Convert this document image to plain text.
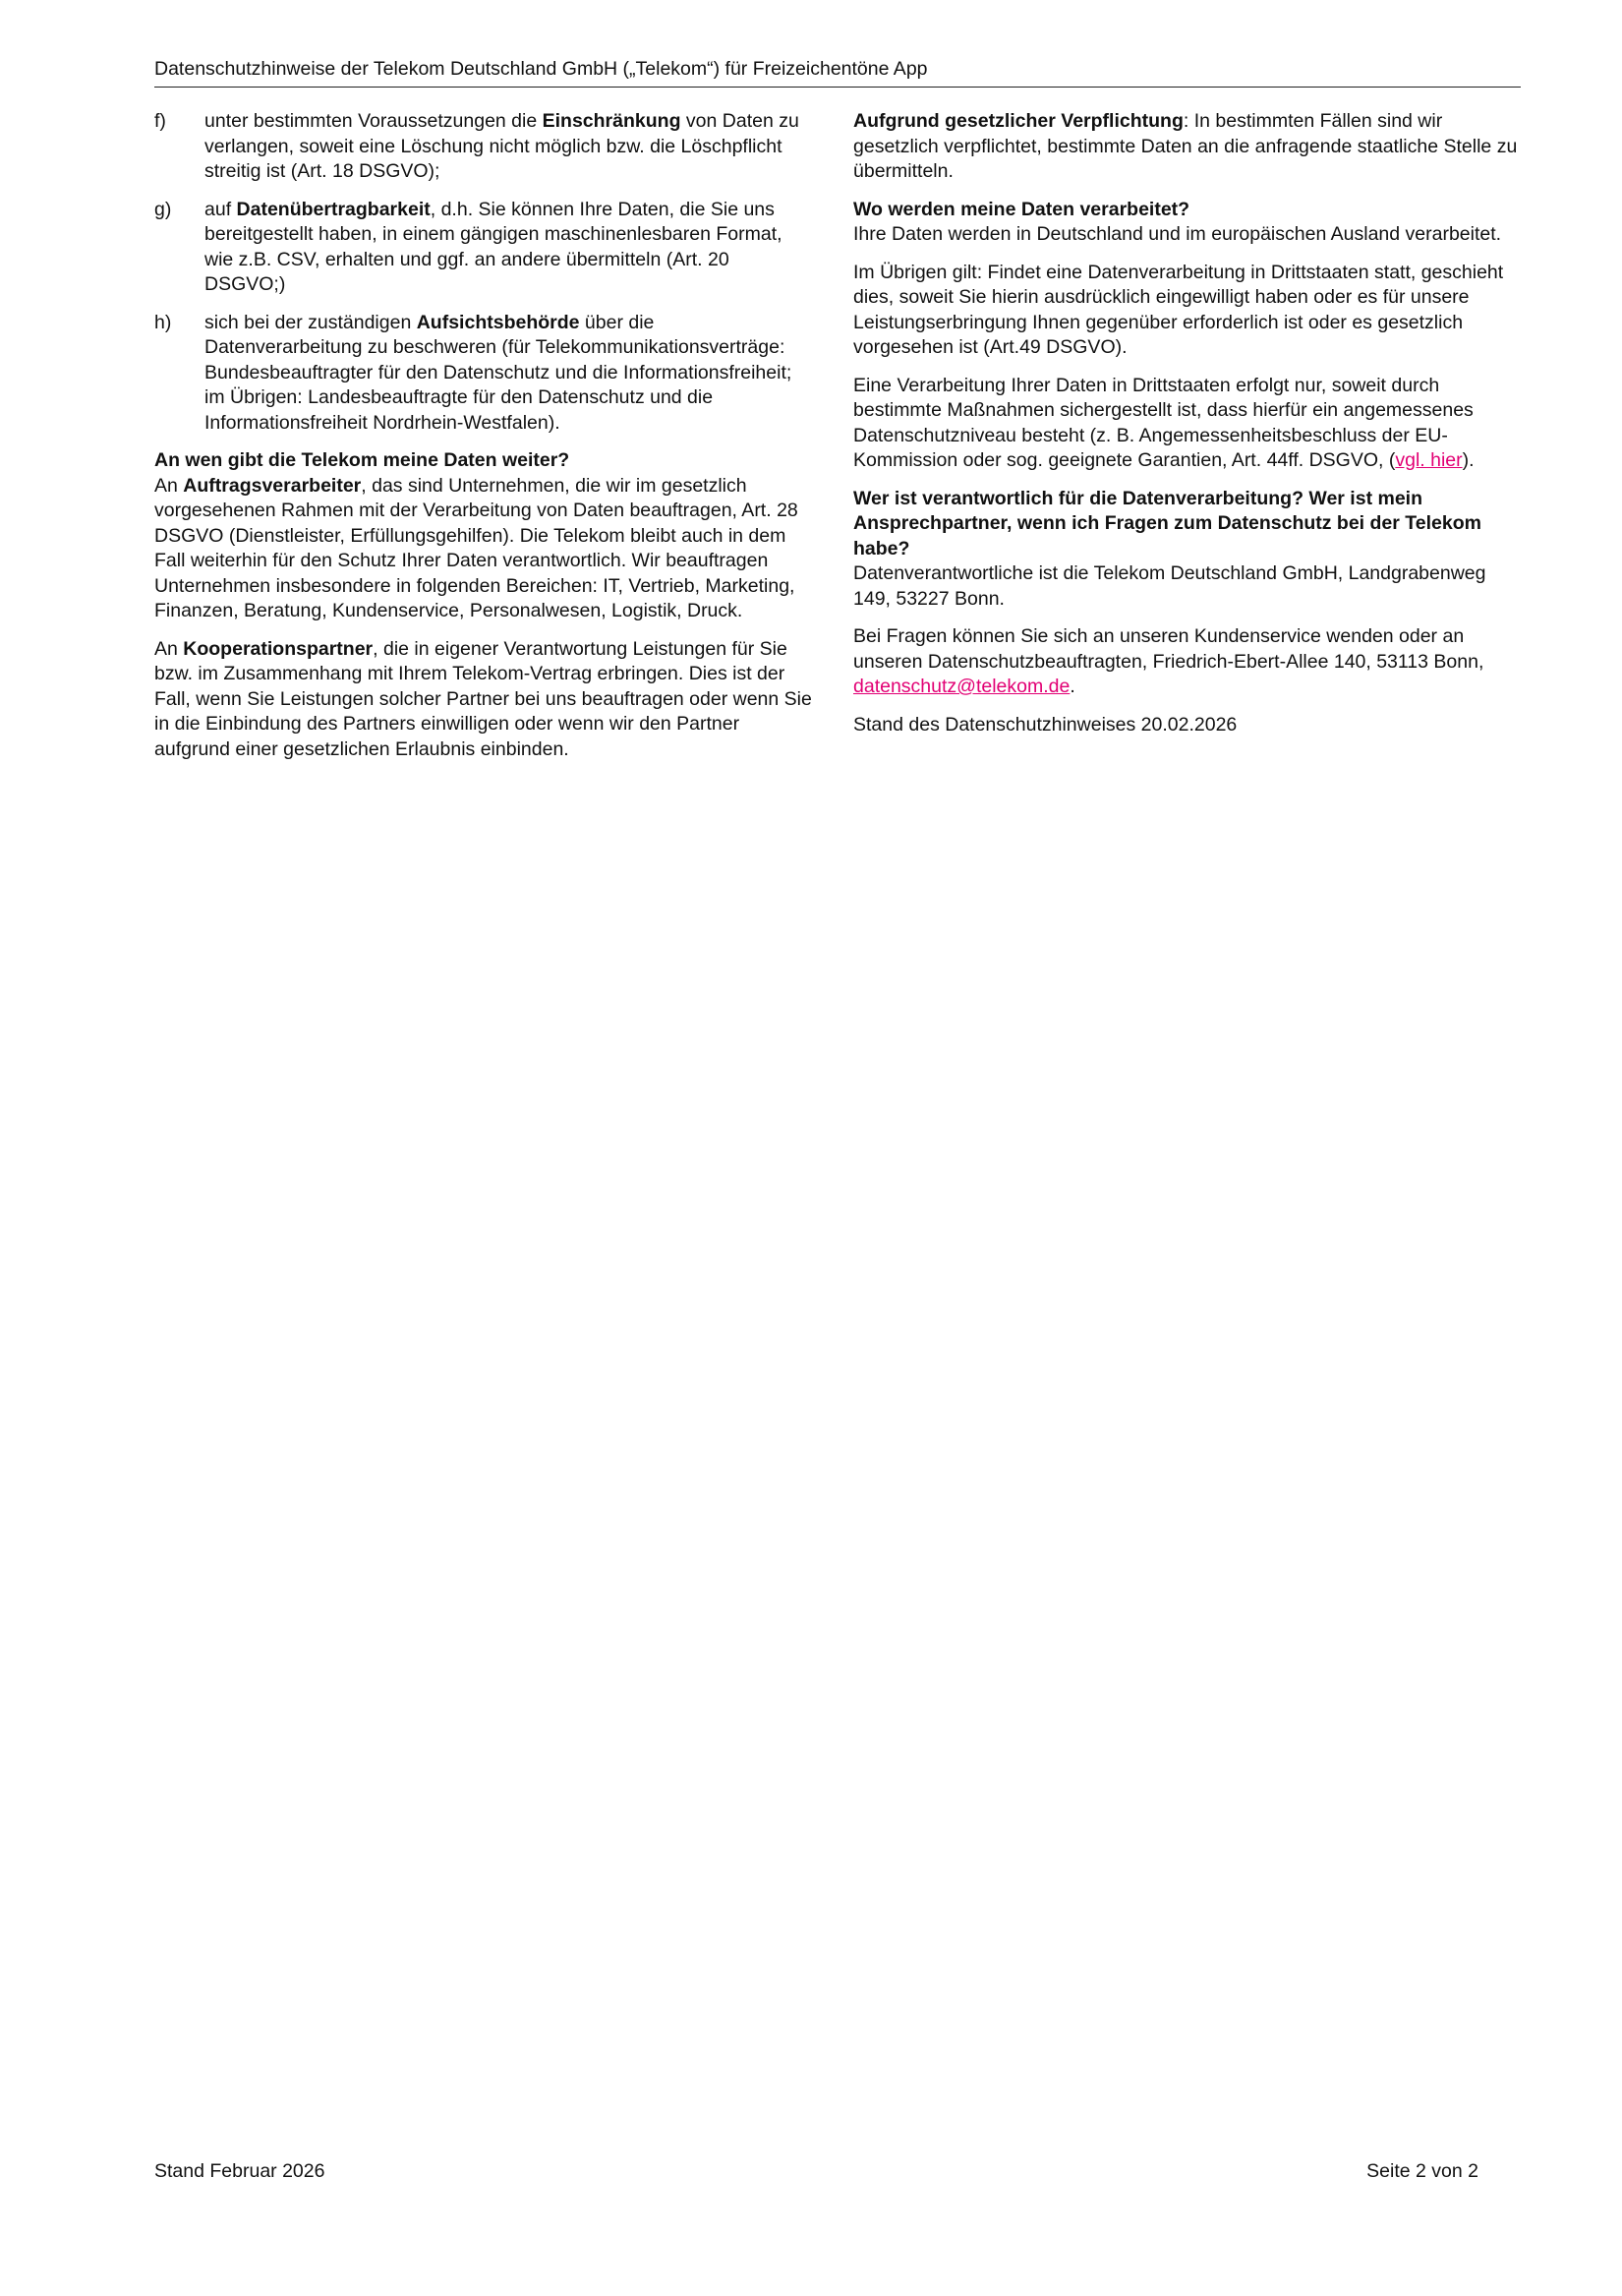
Datenschutzhinweise der Telekom Deutschland GmbH („Telekom“) für Freizeichentöne App
f) unter bestimmten Voraussetzungen die Einschränkung von Daten zu verlangen, soweit eine Löschung nicht möglich bzw. die Löschpflicht streitig ist (Art. 18 DSGVO);
g) auf Datenübertragbarkeit, d.h. Sie können Ihre Daten, die Sie uns bereitgestellt haben, in einem gängigen maschinenlesbaren Format, wie z.B. CSV, erhalten und ggf. an andere übermitteln (Art. 20 DSGVO;)
h) sich bei der zuständigen Aufsichtsbehörde über die Datenverarbeitung zu beschweren (für Telekommunikationsverträge: Bundesbeauftragter für den Datenschutz und die Informationsfreiheit; im Übrigen: Landesbeauftragte für den Datenschutz und die Informationsfreiheit Nordrhein-Westfalen).
An wen gibt die Telekom meine Daten weiter?
An Auftragsverarbeiter, das sind Unternehmen, die wir im gesetzlich vorgesehenen Rahmen mit der Verarbeitung von Daten beauftragen, Art. 28 DSGVO (Dienstleister, Erfüllungsgehilfen). Die Telekom bleibt auch in dem Fall weiterhin für den Schutz Ihrer Daten verantwortlich. Wir beauftragen Unternehmen insbesondere in folgenden Bereichen: IT, Vertrieb, Marketing, Finanzen, Beratung, Kundenservice, Personalwesen, Logistik, Druck.
An Kooperationspartner, die in eigener Verantwortung Leistungen für Sie bzw. im Zusammenhang mit Ihrem Telekom-Vertrag erbringen. Dies ist der Fall, wenn Sie Leistungen solcher Partner bei uns beauftragen oder wenn Sie in die Einbindung des Partners einwilligen oder wenn wir den Partner aufgrund einer gesetzlichen Erlaubnis einbinden.
Aufgrund gesetzlicher Verpflichtung: In bestimmten Fällen sind wir gesetzlich verpflichtet, bestimmte Daten an die anfragende staatliche Stelle zu übermitteln.
Wo werden meine Daten verarbeitet?
Ihre Daten werden in Deutschland und im europäischen Ausland verarbeitet.
Im Übrigen gilt: Findet eine Datenverarbeitung in Drittstaaten statt, geschieht dies, soweit Sie hierin ausdrücklich eingewilligt haben oder es für unsere Leistungserbringung Ihnen gegenüber erforderlich ist oder es gesetzlich vorgesehen ist (Art.49 DSGVO).
Eine Verarbeitung Ihrer Daten in Drittstaaten erfolgt nur, soweit durch bestimmte Maßnahmen sichergestellt ist, dass hierfür ein angemessenes Datenschutzniveau besteht (z. B. Angemessenheitsbeschluss der EU-Kommission oder sog. geeignete Garantien, Art. 44ff. DSGVO, (vgl. hier).
Wer ist verantwortlich für die Datenverarbeitung? Wer ist mein Ansprechpartner, wenn ich Fragen zum Datenschutz bei der Telekom habe?
Datenverantwortliche ist die Telekom Deutschland GmbH, Landgrabenweg 149, 53227 Bonn.
Bei Fragen können Sie sich an unseren Kundenservice wenden oder an unseren Datenschutzbeauftragten, Friedrich-Ebert-Allee 140, 53113 Bonn, datenschutz@telekom.de.
Stand des Datenschutzhinweises 20.02.2026
Stand Februar 2026	Seite 2 von 2
